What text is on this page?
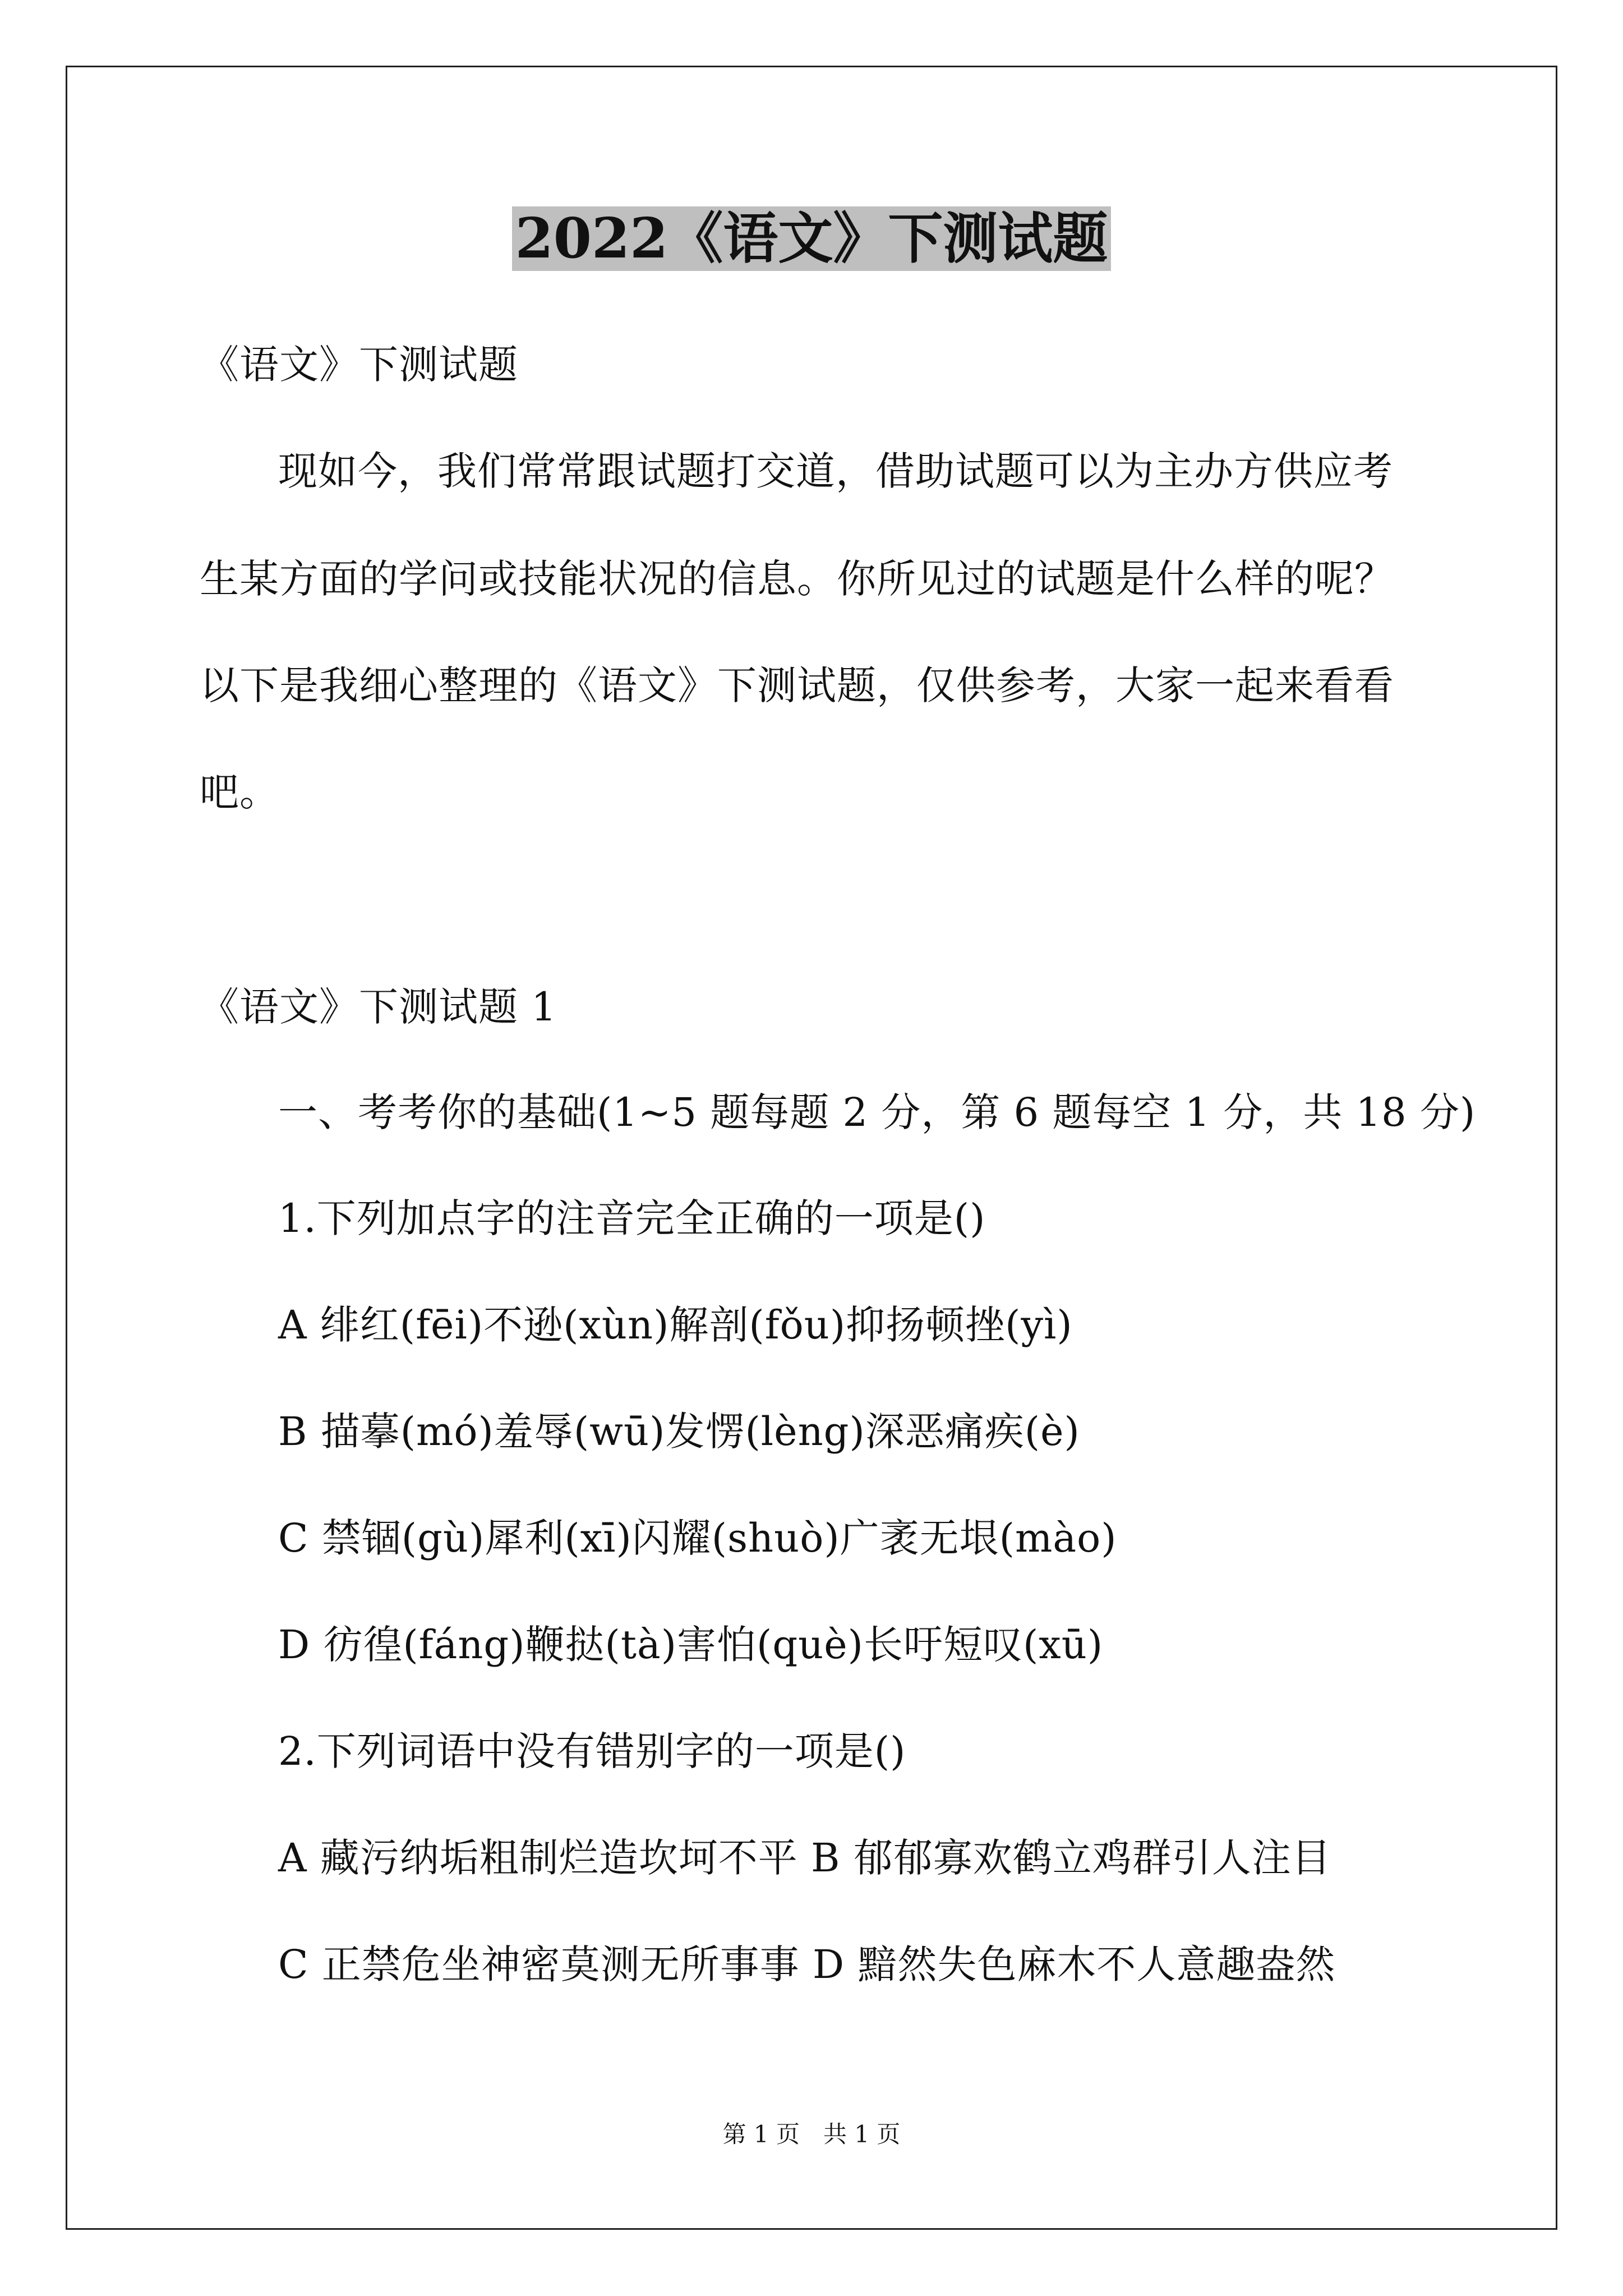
2022《语文》下测试题
《语文》下测试题
现如今，我们常常跟试题打交道，借助试题可以为主办方供应考
生某方面的学问或技能状况的信息。你所见过的试题是什么样的呢？
以下是我细心整理的《语文》下测试题，仅供参考，大家一起来看看
吧。
《语文》下测试题 1
一、考考你的基础(1~5 题每题 2 分，第 6 题每空 1 分，共 18 分)
1.下列加点字的注音完全正确的一项是()
A 绯红(fēi)不逊(xùn)解剖(fǒu)抑扬顿挫(yì)
B 描摹(mó)羞辱(wū)发愣(lèng)深恶痛疾(è)
C 禁锢(gù)犀利(xī)闪耀(shuò)广袤无垠(mào)
D 彷徨(fáng)鞭挞(tà)害怕(què)长吁短叹(xū)
2.下列词语中没有错别字的一项是()
A 藏污纳垢粗制烂造坎坷不平 B 郁郁寡欢鹤立鸡群引人注目
C 正禁危坐神密莫测无所事事 D 黯然失色麻木不人意趣盎然
第 1 页　共 1 页
